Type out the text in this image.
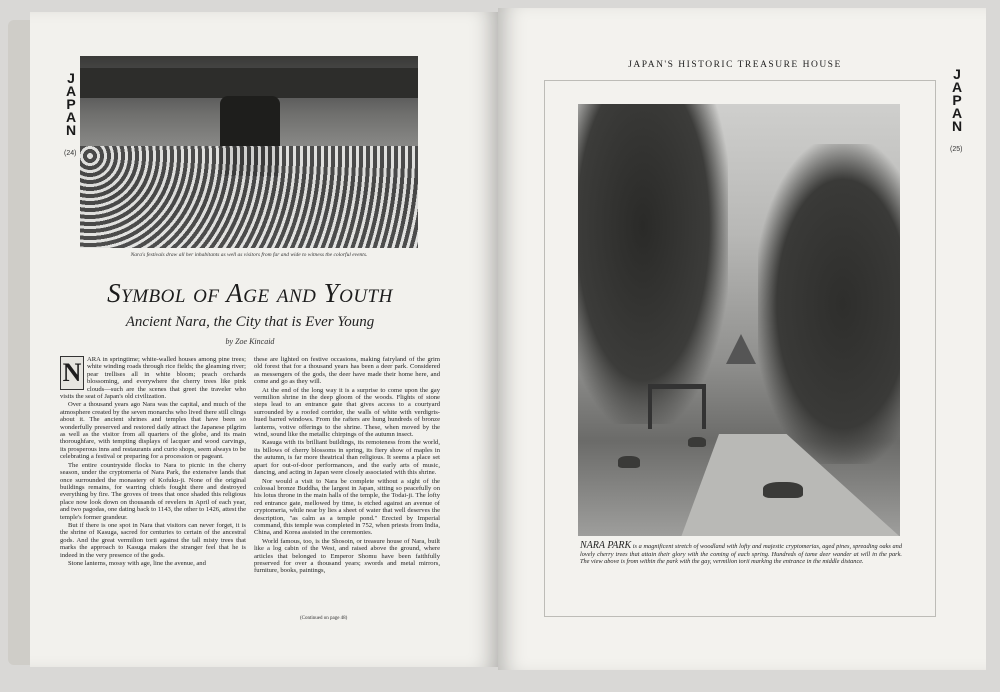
J
A
P
A
N
(24)
Nara's festivals draw all her inhabitants as well as visitors from far and wide to witness the colorful events.
Symbol of Age and Youth
Ancient Nara, the City that is Ever Young
by Zoe Kincaid

N ARA in springtime; white-walled houses among pine trees; white winding roads through rice fields; the gleaming river; pear trellises all in white bloom; peach orchards blossoming, and everywhere the cherry trees like pink clouds—such are the scenes that greet the traveler who visits the seat of Japan's old civilization.

Over a thousand years ago Nara was the capital, and much of the atmosphere created by the seven monarchs who lived there still clings about it. The ancient shrines and temples that have been so wonderfully preserved and restored daily attract the Japanese pilgrim as well as the visitor from all quarters of the globe, and its main thoroughfare, with tempting displays of lacquer and wood carvings, its prosperous inns and restaurants and curio shops, seem always to be celebrating a festival or preparing for a procession or pageant.

The entire countryside flocks to Nara to picnic in the cherry season, under the cryptomeria of Nara Park, the extensive lands that once surrounded the monastery of Kofuku-ji. None of the original buildings remains, for warring chiefs fought there and destroyed everything by fire. The groves of trees that once shaded this religious place now look down on thousands of revelers in April of each year, and two pagodas, one dating back to 1143, the other to 1426, attest the temple's former grandeur.

But if there is one spot in Nara that visitors can never forget, it is the shrine of Kasuga, sacred for centuries to certain of the ancestral gods. And the great vermilion torii against the tall misty trees that marks the approach to Kasuga makes the stranger feel that he is indeed in the very presence of the gods.

Stone lanterns, mossy with age, line the avenue, and

these are lighted on festive occasions, making fairyland of the grim old forest that for a thousand years has been a deer park. Considered as messengers of the gods, the deer have made their home here, and come and go as they will.

At the end of the long way it is a surprise to come upon the gay vermilion shrine in the deep gloom of the woods. Flights of stone steps lead to an entrance gate that gives access to a courtyard surrounded by a roofed corridor, the walls of white with verdigris-hued barred windows. From the rafters are hung hundreds of bronze lanterns, votive offerings to the shrine. These, when moved by the wind, sound like the metallic chirpings of the autumn insect.

Kasuga with its brilliant buildings, its remoteness from the world, its billows of cherry blossoms in spring, its fiery show of maples in the autumn, is far more theatrical than religious. It seems a place set apart for out-of-door performances, and the early arts of music, dancing, and acting in Japan were closely associated with this shrine.

Nor would a visit to Nara be complete without a sight of the colossal bronze Buddha, the largest in Japan, sitting so peacefully on his lotus throne in the main halls of the temple, the Todai-ji. The lofty red entrance gate, mellowed by time, is etched against an avenue of cryptomeria, while near by lies a sheet of water that well deserves the description, "as calm as a temple pond." Erected by Imperial command, this temple was completed in 752, when priests from India, China, and Korea assisted in the ceremonies.

World famous, too, is the Shosoin, or treasure house of Nara, built like a log cabin of the West, and raised above the ground, where articles that belonged to Emperor Shomu have been faithfully preserved for over a thousand years; swords and metal mirrors, furniture, books, paintings,

(Continued on page 48)
JAPAN'S HISTORIC TREASURE HOUSE
J
A
P
A
N
(25)
NARA PARK is a magnificent stretch of woodland with lofty and majestic cryptomerias, aged pines, spreading oaks and lovely cherry trees that attain their glory with the coming of each spring. Hundreds of tame deer wander at will in the park. The view above is from within the park with the gay, vermilion torii marking the entrance in the middle distance.
